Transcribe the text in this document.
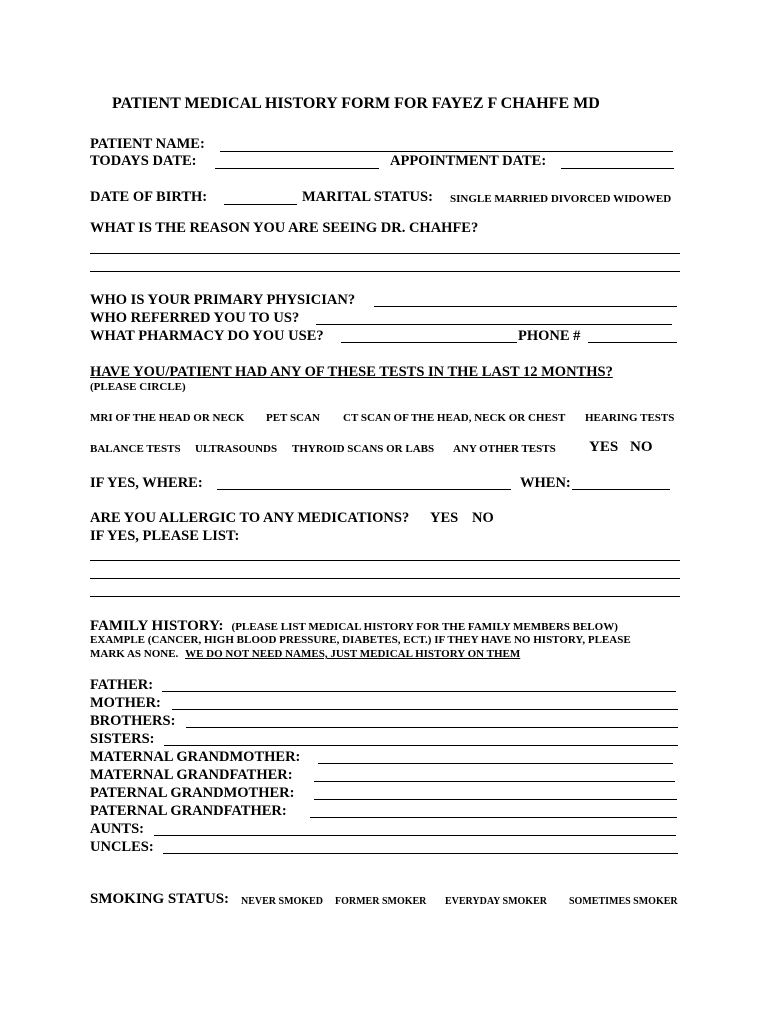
PATIENT MEDICAL HISTORY FORM FOR FAYEZ F CHAHFE MD
PATIENT NAME:
TODAYS DATE:	APPOINTMENT DATE:
DATE OF BIRTH:	MARITAL STATUS: SINGLE MARRIED DIVORCED WIDOWED
WHAT IS THE REASON YOU ARE SEEING DR. CHAHFE?
WHO IS YOUR PRIMARY PHYSICIAN?
WHO REFERRED YOU TO US?
WHAT PHARMACY DO YOU USE?	PHONE #
HAVE YOU/PATIENT HAD ANY OF THESE TESTS IN THE LAST 12 MONTHS?
(PLEASE CIRCLE)
MRI OF THE HEAD OR NECK PET SCAN CT SCAN OF THE HEAD, NECK OR CHEST HEARING TESTS
BALANCE TESTS ULTRASOUNDS THYROID SCANS OR LABS ANY OTHER TESTS YES NO
IF YES, WHERE:	WHEN:
ARE YOU ALLERGIC TO ANY MEDICATIONS? YES NO
IF YES, PLEASE LIST:
FAMILY HISTORY: (PLEASE LIST MEDICAL HISTORY FOR THE FAMILY MEMBERS BELOW)
EXAMPLE (CANCER, HIGH BLOOD PRESSURE, DIABETES, ECT.) IF THEY HAVE NO HISTORY, PLEASE
MARK AS NONE. WE DO NOT NEED NAMES, JUST MEDICAL HISTORY ON THEM
FATHER:
MOTHER:
BROTHERS:
SISTERS:
MATERNAL GRANDMOTHER:
MATERNAL GRANDFATHER:
PATERNAL GRANDMOTHER:
PATERNAL GRANDFATHER:
AUNTS:
UNCLES:
SMOKING STATUS: NEVER SMOKED FORMER SMOKER EVERYDAY SMOKER SOMETIMES SMOKER
